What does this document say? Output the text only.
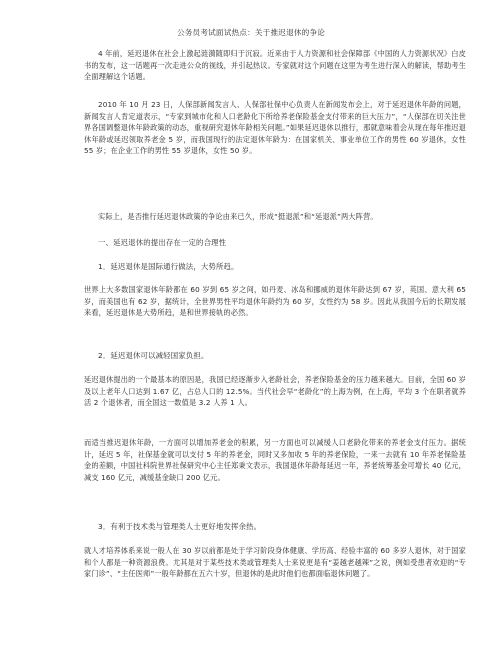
公务员考试面试热点：关于推迟退休的争论
4 年前，延迟退休在社会上激起涟漪随即归于沉寂。近来由于人力资源和社会保障部《中国的人力资源状况》白皮书的发布，这一话题再一次走进公众的视线，并引起热议。专家就对这个问题在这里为考生进行深入的解读，帮助考生全面理解这个话题。
2010 年 10 月 23 日，人保部新闻发言人、人保部社保中心负责人在新闻发布会上，对于延迟退休年龄的问题，新闻发言人肯定道表示，“专家到城市化和人口老龄化下所给养老保险基金支付带来的巨大压力”，“人保部在切关注世界各国调整退休年龄政策的动态，重视研究退休年龄相关问题。”如果延迟退休以推行，那就意味着会从现在每年推迟退休年龄或延迟领取养老金 5 岁，而我国现行的法定退休年龄为：在国家机关、事业单位工作的男性 60 岁退休，女性 55 岁；在企业工作的男性 55 岁退休，女性 50 岁。
实际上，是否推行延迟退休政策的争论由来已久，形成“挺退派”和“延退派”两大阵营。
一、延迟退休的提出存在一定的合理性
1．延迟退休是国际通行做法，大势所趋。
世界上大多数国家退休年龄都在 60 岁到 65 岁之间，如丹麦、冰岛和挪威的退休年龄达到 67 岁，英国、意大利 65 岁，而美国也有 62 岁，据统计，全世界男性平均退休年龄约为 60 岁，女性约为 58 岁。因此从我国今后的长期发展来看，延迟退休是大势所趋，是和世界接轨的必然。
2．延迟退休可以减轻国家负担。
延迟退休提出的一个最基本的原因是，我国已经逐渐步入老龄社会，养老保险基金的压力越来越大。目前，全国 60 岁及以上老年人口达到 1.67 亿，占总人口的 12.5%。当代社会早“老龄化”的上海为例，在上海，平均 3 个在职者就养活 2 个退休者，而全国这一数值是 3.2 人养 1 人。
而适当推迟退休年龄，一方面可以增加养老金的积累，另一方面也可以减缓人口老龄化带来的养老金支付压力。据统计，延迟 5 年，社保基金就可以支付 5 年的养老金，同时又多加收 5 年的养老保险，一来一去就有 10 年养老保险基金的差额，中国社科院世界社保研究中心主任郑秉文表示，我国退休年龄每延迟一年，养老统筹基金可增长 40 亿元，减支 160 亿元，减缓基金缺口 200 亿元。
3．有利于技术类与管理类人士更好地发挥余热。
就人才培养体系来说一般人在 30 岁以前都是处于学习阶段身体健康、学历高、经验丰富的 60 多岁人退休，对于国家和个人都是一种资源浪费。尤其是对于某些技术类或管理类人士来说更是有“姜越老越辣”之说，例如受患者欢迎的“专家门诊”、“主任医师”一般年龄都在五六十岁，但退休的是此时他们也都面临退休问题了。
